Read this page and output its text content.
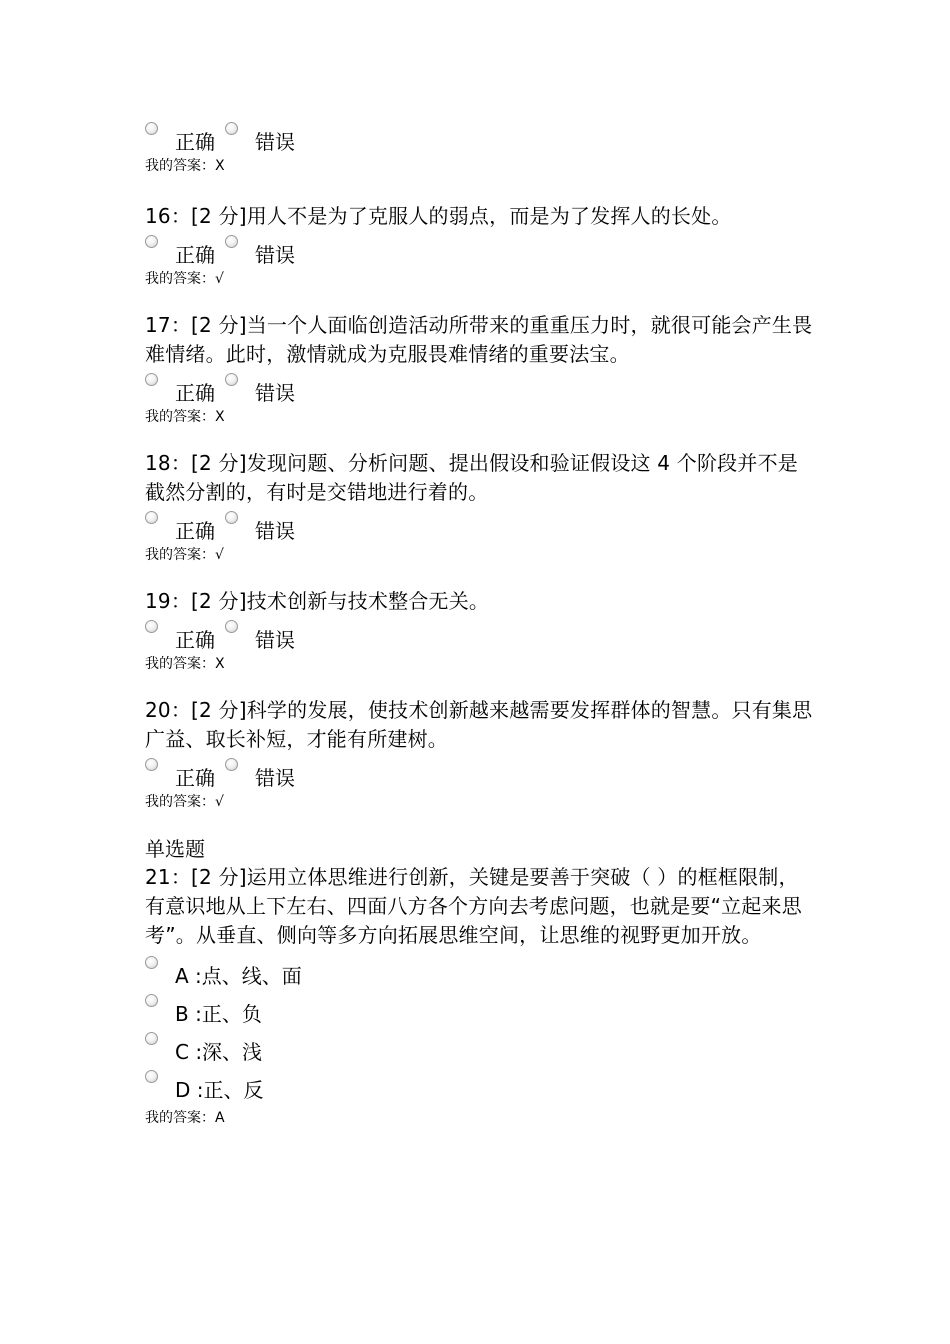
正确 错误
我的答案：X

16：[2 分]用人不是为了克服人的弱点，而是为了发挥人的长处。

正确 错误
我的答案：√

17：[2 分]当一个人面临创造活动所带来的重重压力时，就很可能会产生畏难情绪。此时，激情就成为克服畏难情绪的重要法宝。

正确 错误
我的答案：X

18：[2 分]发现问题、分析问题、提出假设和验证假设这 4 个阶段并不是截然分割的，有时是交错地进行着的。

正确 错误
我的答案：√

19：[2 分]技术创新与技术整合无关。

正确 错误
我的答案：X

20：[2 分]科学的发展，使技术创新越来越需要发挥群体的智慧。只有集思广益、取长补短，才能有所建树。

正确 错误
我的答案：√

单选题

21：[2 分]运用立体思维进行创新，关键是要善于突破（ ）的框框限制，有意识地从上下左右、四面八方各个方向去考虑问题，也就是要“立起来思考”。从垂直、侧向等多方向拓展思维空间，让思维的视野更加开放。

A :点、线、面
B :正、负
C :深、浅
D :正、反
我的答案：A
